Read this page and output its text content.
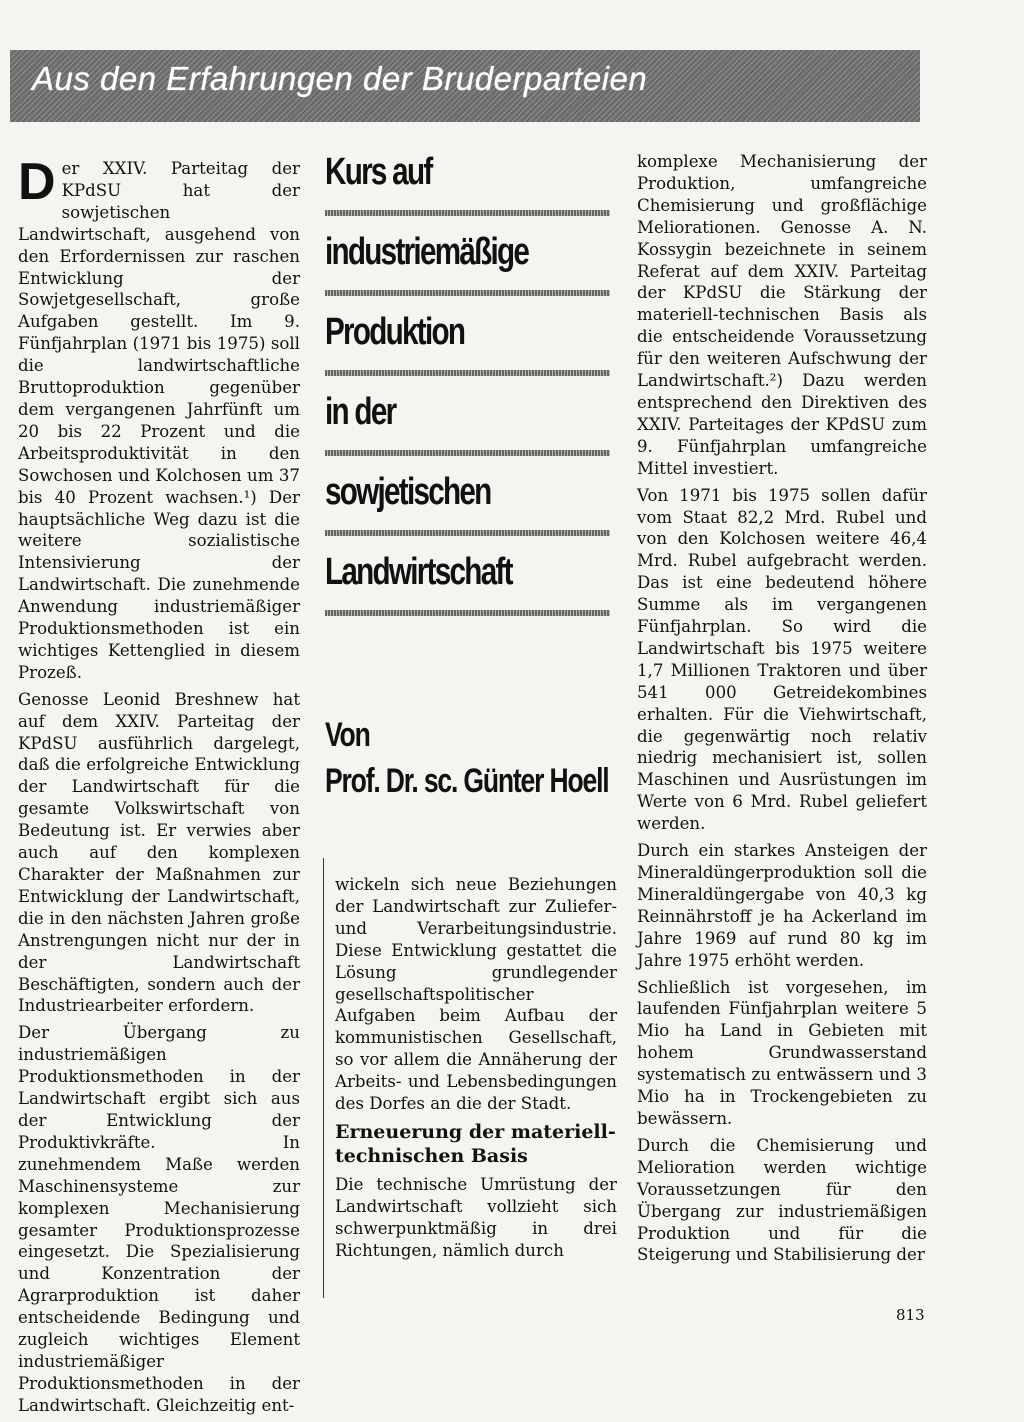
Aus den Erfahrungen der Bruderparteien

Der XXIV. Parteitag der KPdSU hat der sowjetischen Landwirtschaft, ausgehend von den Erfordernissen zur raschen Entwicklung der Sowjetgesellschaft, große Aufgaben gestellt. Im 9. Fünfjahrplan (1971 bis 1975) soll die landwirtschaftliche Bruttoproduktion gegenüber dem vergangenen Jahrfünft um 20 bis 22 Prozent und die Arbeitsproduktivität in den Sowchosen und Kolchosen um 37 bis 40 Prozent wachsen.¹) Der hauptsächliche Weg dazu ist die weitere sozialistische Intensivierung der Landwirtschaft. Die zunehmende Anwendung industriemäßiger Produktionsmethoden ist ein wichtiges Kettenglied in diesem Prozeß.

Genosse Leonid Breshnew hat auf dem XXIV. Parteitag der KPdSU ausführlich dargelegt, daß die erfolgreiche Entwicklung der Landwirtschaft für die gesamte Volkswirtschaft von Bedeutung ist. Er verwies aber auch auf den komplexen Charakter der Maßnahmen zur Entwicklung der Landwirtschaft, die in den nächsten Jahren große Anstrengungen nicht nur der in der Landwirtschaft Beschäftigten, sondern auch der Industriearbeiter erfordern.

Der Übergang zu industriemäßigen Produktionsmethoden in der Landwirtschaft ergibt sich aus der Entwicklung der Produktivkräfte. In zunehmendem Maße werden Maschinensysteme zur komplexen Mechanisierung gesamter Produktionsprozesse eingesetzt. Die Spezialisierung und Konzentration der Agrarproduktion ist daher entscheidende Bedingung und zugleich wichtiges Element industriemäßiger Produktionsmethoden in der Landwirtschaft. Gleichzeitig ent-

Kurs auf
industriemäßige
Produktion
in der
sowjetischen
Landwirtschaft
Von
Prof. Dr. sc. Günter Hoell

wickeln sich neue Beziehungen der Landwirtschaft zur Zuliefer- und Verarbeitungsindustrie. Diese Entwicklung gestattet die Lösung grundlegender gesellschaftspolitischer Aufgaben beim Aufbau der kommunistischen Gesellschaft, so vor allem die Annäherung der Arbeits- und Lebensbedingungen des Dorfes an die der Stadt.

Erneuerung der materiell-technischen Basis

Die technische Umrüstung der Landwirtschaft vollzieht sich schwerpunktmäßig in drei Richtungen, nämlich durch

komplexe Mechanisierung der Produktion, umfangreiche Chemisierung und großflächige Meliorationen. Genosse A. N. Kossygin bezeichnete in seinem Referat auf dem XXIV. Parteitag der KPdSU die Stärkung der materiell-technischen Basis als die entscheidende Voraussetzung für den weiteren Aufschwung der Landwirtschaft.²) Dazu werden entsprechend den Direktiven des XXIV. Parteitages der KPdSU zum 9. Fünfjahrplan umfangreiche Mittel investiert.

Von 1971 bis 1975 sollen dafür vom Staat 82,2 Mrd. Rubel und von den Kolchosen weitere 46,4 Mrd. Rubel aufgebracht werden. Das ist eine bedeutend höhere Summe als im vergangenen Fünfjahrplan. So wird die Landwirtschaft bis 1975 weitere 1,7 Millionen Traktoren und über 541 000 Getreidekombines erhalten. Für die Viehwirtschaft, die gegenwärtig noch relativ niedrig mechanisiert ist, sollen Maschinen und Ausrüstungen im Werte von 6 Mrd. Rubel geliefert werden.

Durch ein starkes Ansteigen der Mineraldüngerproduktion soll die Mineraldüngergabe von 40,3 kg Reinnährstoff je ha Ackerland im Jahre 1969 auf rund 80 kg im Jahre 1975 erhöht werden.

Schließlich ist vorgesehen, im laufenden Fünfjahrplan weitere 5 Mio ha Land in Gebieten mit hohem Grundwasserstand systematisch zu entwässern und 3 Mio ha in Trockengebieten zu bewässern.

Durch die Chemisierung und Melioration werden wichtige Voraussetzungen für den Übergang zur industriemäßigen Produktion und für die Steigerung und Stabilisierung der

813
